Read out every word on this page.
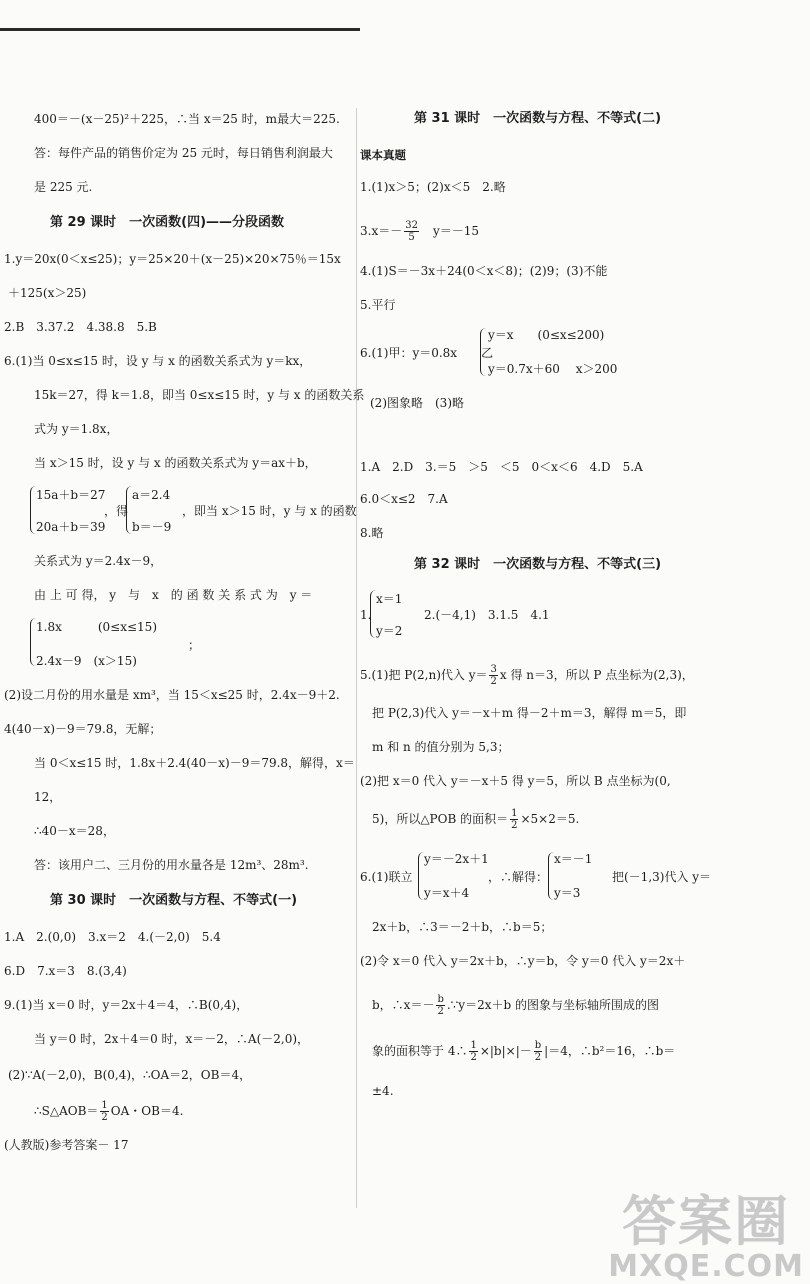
400＝－(x－25)²＋225，∴当 x＝25 时，m最大＝225.
答：每件产品的销售价定为 25 元时，每日销售利润最大
是 225 元.
第 29 课时　一次函数(四)——分段函数
1.y＝20x(0＜x≤25)；y＝25×20＋(x－25)×20×75％＝15x
＋125(x＞25)
2.B　3.37.2　4.38.8　5.B
6.(1)当 0≤x≤15 时，设 y 与 x 的函数关系式为 y＝kx，
15k＝27，得 k＝1.8，即当 0≤x≤15 时，y 与 x 的函数关系
式为 y＝1.8x，
当 x＞15 时，设 y 与 x 的函数关系式为 y＝ax＋b，
15a＋b＝27
20a＋b＝39
，得
a＝2.4
b＝－9
，即当 x＞15 时，y 与 x 的函数
关系式为 y＝2.4x－9，
由 上 可 得， y　与　x　的 函 数 关 系 式 为　y ＝
1.8x　　　(0≤x≤15)
2.4x－9　(x＞15)
；
(2)设二月份的用水量是 xm³，当 15＜x≤25 时，2.4x－9＋2.
4(40－x)－9＝79.8，无解；
当 0＜x≤15 时，1.8x＋2.4(40－x)－9＝79.8，解得，x＝
12，
∴40－x＝28，
答：该用户二、三月份的用水量各是 12m³、28m³.
第 30 课时　一次函数与方程、不等式(一)
1.A　2.(0,0)　3.x＝2　4.(－2,0)　5.4
6.D　7.x＝3　8.(3,4)
9.(1)当 x＝0 时，y＝2x＋4＝4，∴B(0,4)，
当 y＝0 时，2x＋4＝0 时，x＝－2，∴A(－2,0)，
(2)∵A(－2,0)，B(0,4)，∴OA＝2，OB＝4，
∴S△AOB＝ $\frac{1}{2}$ OA・OB＝4.
第 31 课时　一次函数与方程、不等式(二)
课本真题
1.(1)x＞5；(2)x＜5　2.略
$3.x=- \frac{32}{5}$ 　y＝－15
4.(1)S＝－3x＋24(0＜x＜8)；(2)9；(3)不能
5.平行
6.(1)甲：y＝0.8x　　乙
y＝x　　(0≤x≤200)
y＝0.7x＋60　 x＞200
(2)图象略　(3)略
1.A　2.D　3.＝5　＞5　＜5　0＜x＜6　4.D　5.A
6.0＜x≤2　7.A
8.略
第 32 课时　一次函数与方程、不等式(三)
1.
x＝1
y＝2
　2.(－4,1)　3.1.5　4.1
5.(1)把 P(2,n)代入 $y= \frac{3}{2}$ x 得 n＝3，所以 P 点坐标为(2,3)，
把 P(2,3)代入 y＝－x＋m 得－2＋m＝3，解得 m＝5，即
m 和 n 的值分别为 5,3；
(2)把 x＝0 代入 y＝－x＋5 得 y＝5，所以 B 点坐标为(0,
5)，所以△POB 的面积＝ $\frac{1}{2} \times 5\times 2=5$.
6.(1)联立
y＝－2x＋1
y＝x＋4
，∴解得：
x＝－1
y＝3
　把(－1,3)代入 y＝
2x＋b，∴3＝－2＋b，∴b＝5；
(2)令 x＝0 代入 y＝2x＋b，∴y＝b，令 y＝0 代入 y＝2x＋
b，∴x＝－ $\frac{b}{2}$ .∵y＝2x＋b 的图象与坐标轴所围成的图
象的面积等于 4∴ $\frac{1}{2} \times|b|\times|- \frac{b}{2} |=4$，∴b²＝16，∴b＝
±4.
(人教版)参考答案－ 17
答案圈
MXQE.COM
